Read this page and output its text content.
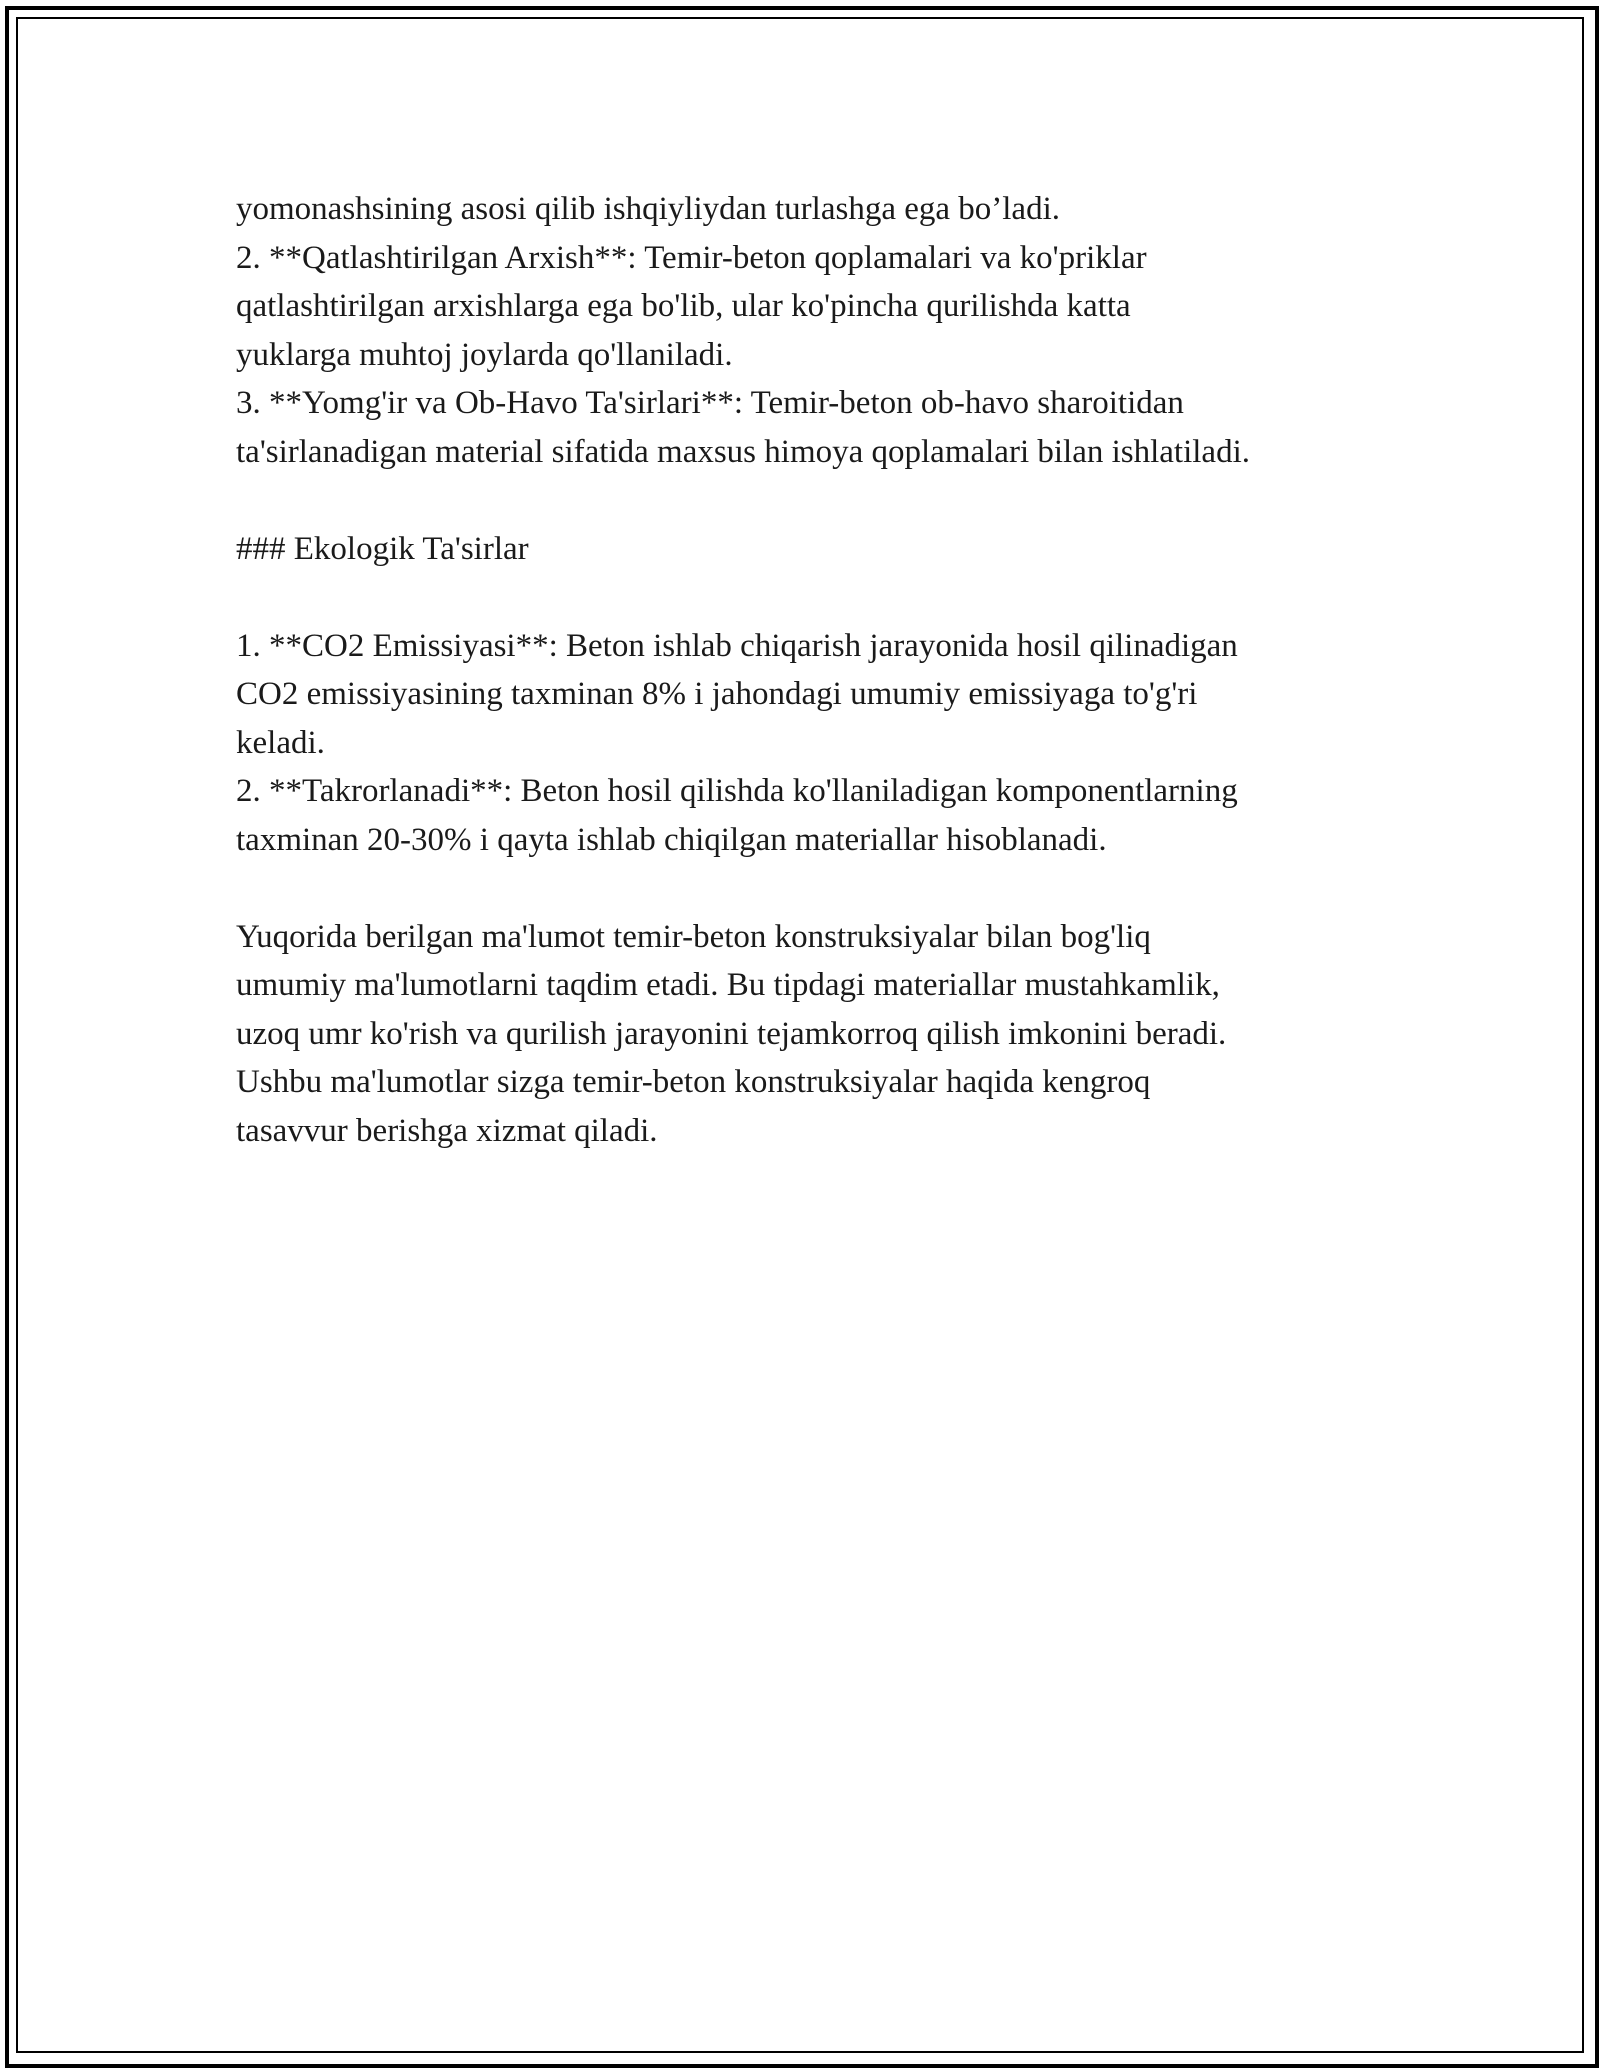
yomonashsining asosi qilib ishqiyliydan turlashga ega bo’ladi.
2. **Qatlashtirilgan Arxish**: Temir-beton qoplamalari va ko'priklar
qatlashtirilgan arxishlarga ega bo'lib, ular ko'pincha qurilishda katta
yuklarga muhtoj joylarda qo'llaniladi.
3. **Yomg'ir va Ob-Havo Ta'sirlari**: Temir-beton ob-havo sharoitidan
ta'sirlanadigan material sifatida maxsus himoya qoplamalari bilan ishlatiladi.
### Ekologik Ta'sirlar
1. **CO2 Emissiyasi**: Beton ishlab chiqarish jarayonida hosil qilinadigan
CO2 emissiyasining taxminan 8% i jahondagi umumiy emissiyaga to'g'ri
keladi.
2. **Takrorlanadi**: Beton hosil qilishda ko'llaniladigan komponentlarning
taxminan 20-30% i qayta ishlab chiqilgan materiallar hisoblanadi.
Yuqorida berilgan ma'lumot temir-beton konstruksiyalar bilan bog'liq
umumiy ma'lumotlarni taqdim etadi. Bu tipdagi materiallar mustahkamlik,
uzoq umr ko'rish va qurilish jarayonini tejamkorroq qilish imkonini beradi.
Ushbu ma'lumotlar sizga temir-beton konstruksiyalar haqida kengroq
tasavvur berishga xizmat qiladi.
